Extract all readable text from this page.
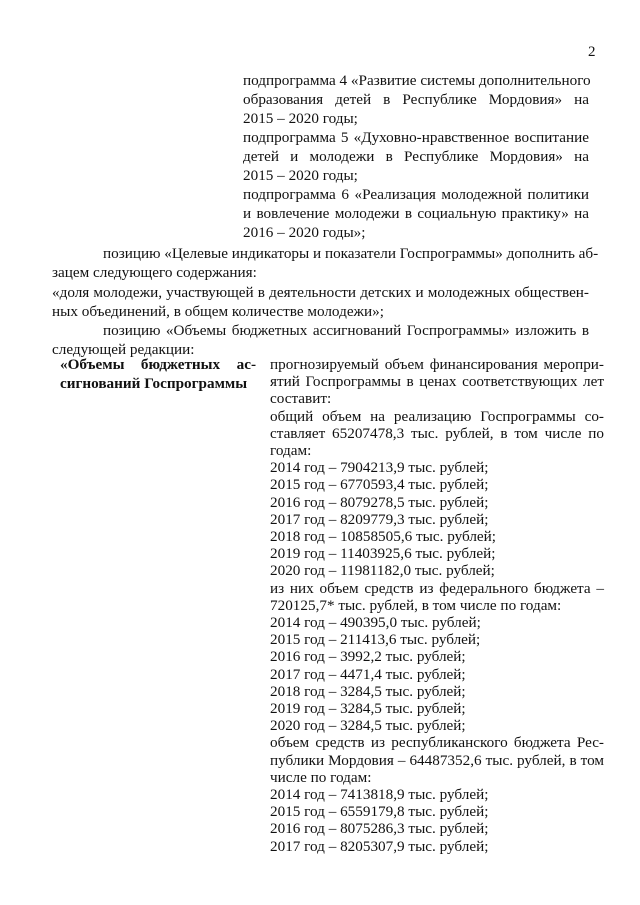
2
подпрограмма 4 «Развитие системы дополнительного
образования детей в Республике Мордовия» на
2015 – 2020 годы;
подпрограмма 5 «Духовно-нравственное воспитание
детей и молодежи в Республике Мордовия» на
2015 – 2020 годы;
подпрограмма 6 «Реализация молодежной политики
и вовлечение молодежи в социальную практику» на
2016 – 2020 годы»;
позицию «Целевые индикаторы и показатели Госпрограммы» дополнить аб-
зацем следующего содержания:
«доля молодежи, участвующей в деятельности детских и молодежных обществен-
ных объединений, в общем количестве молодежи»;
позицию «Объемы бюджетных ассигнований Госпрограммы» изложить в
следующей редакции:
«Объемы бюджетных ас-
сигнований Госпрограммы
прогнозируемый объем финансирования меропри-
ятий Госпрограммы в ценах соответствующих лет
составит:
общий объем на реализацию Госпрограммы со-
ставляет 65207478,3 тыс. рублей, в том числе по
годам:
2014 год – 7904213,9 тыс. рублей;
2015 год – 6770593,4 тыс. рублей;
2016 год – 8079278,5 тыс. рублей;
2017 год – 8209779,3 тыс. рублей;
2018 год – 10858505,6 тыс. рублей;
2019 год – 11403925,6 тыс. рублей;
2020 год – 11981182,0 тыс. рублей;
из них объем средств из федерального бюджета –
720125,7* тыс. рублей, в том числе по годам:
2014 год – 490395,0 тыс. рублей;
2015 год – 211413,6 тыс. рублей;
2016 год – 3992,2 тыс. рублей;
2017 год – 4471,4 тыс. рублей;
2018 год – 3284,5 тыс. рублей;
2019 год – 3284,5 тыс. рублей;
2020 год – 3284,5 тыс. рублей;
объем средств из республиканского бюджета Рес-
публики Мордовия – 64487352,6 тыс. рублей, в том
числе по годам:
2014 год – 7413818,9 тыс. рублей;
2015 год – 6559179,8 тыс. рублей;
2016 год – 8075286,3 тыс. рублей;
2017 год – 8205307,9 тыс. рублей;
